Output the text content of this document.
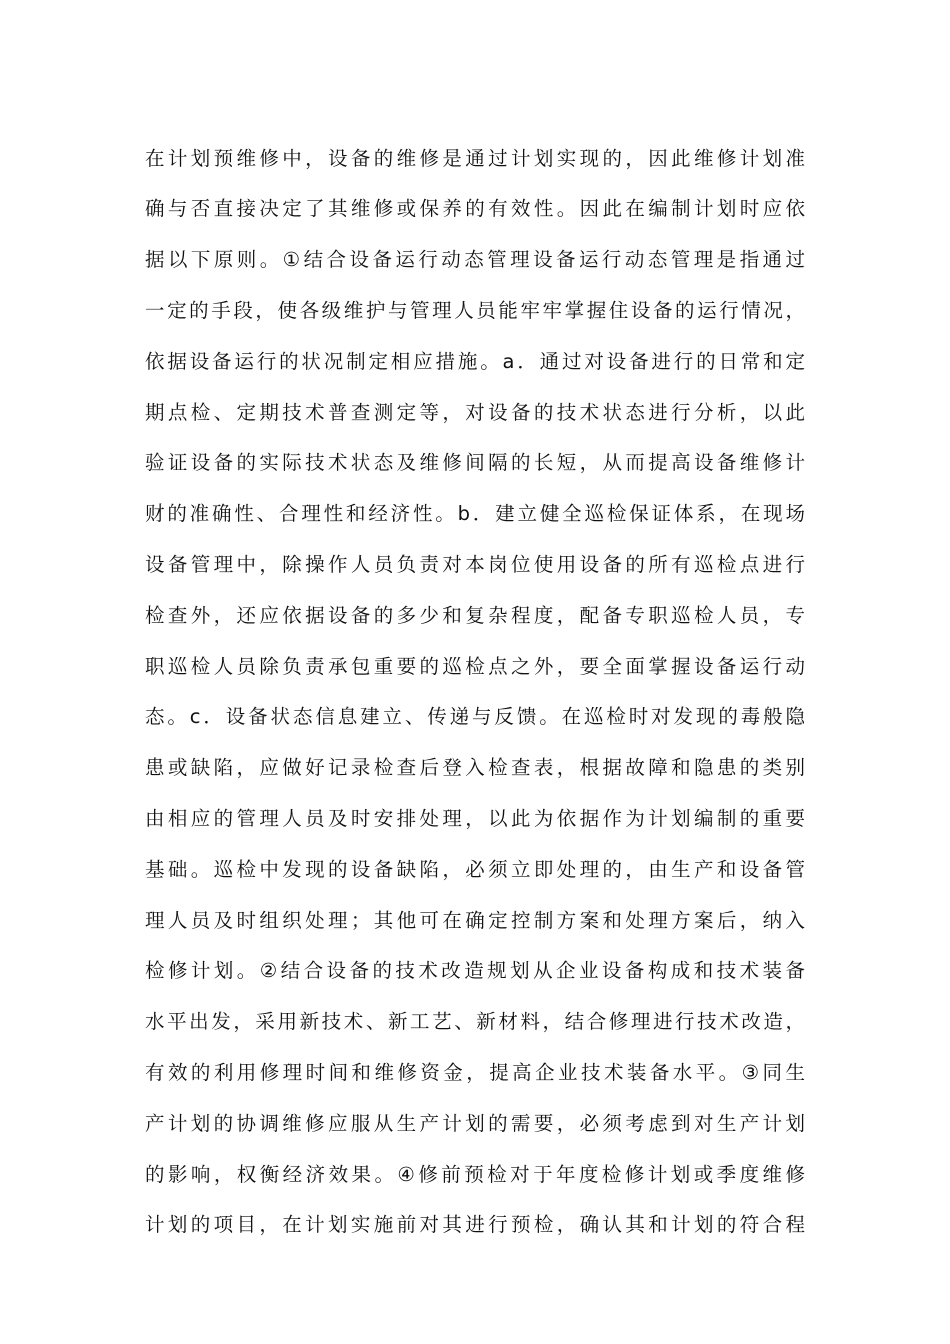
在计划预维修中，设备的维修是通过计划实现的，因此维修计划准
确与否直接决定了其维修或保养的有效性。因此在编制计划时应依
据以下原则。①结合设备运行动态管理设备运行动态管理是指通过
一定的手段，使各级维护与管理人员能牢牢掌握住设备的运行情况，
依据设备运行的状况制定相应措施。a．通过对设备进行的日常和定
期点检、定期技术普查测定等，对设备的技术状态进行分析，以此
验证设备的实际技术状态及维修间隔的长短，从而提高设备维修计
财的准确性、合理性和经济性。b．建立健全巡检保证体系，在现场
设备管理中，除操作人员负责对本岗位使用设备的所有巡检点进行
检查外，还应依据设备的多少和复杂程度，配备专职巡检人员，专
职巡检人员除负责承包重要的巡检点之外，要全面掌握设备运行动
态。c．设备状态信息建立、传递与反馈。在巡检时对发现的毒般隐
患或缺陷，应做好记录检查后登入检查表，根据故障和隐患的类别
由相应的管理人员及时安排处理，以此为依据作为计划编制的重要
基础。巡检中发现的设备缺陷，必须立即处理的，由生产和设备管
理人员及时组织处理；其他可在确定控制方案和处理方案后，纳入
检修计划。②结合设备的技术改造规划从企业设备构成和技术装备
水平出发，采用新技术、新工艺、新材料，结合修理进行技术改造，
有效的利用修理时间和维修资金，提高企业技术装备水平。③同生
产计划的协调维修应服从生产计划的需要，必须考虑到对生产计划
的影响，权衡经济效果。④修前预检对于年度检修计划或季度维修
计划的项目，在计划实施前对其进行预检，确认其和计划的符合程
